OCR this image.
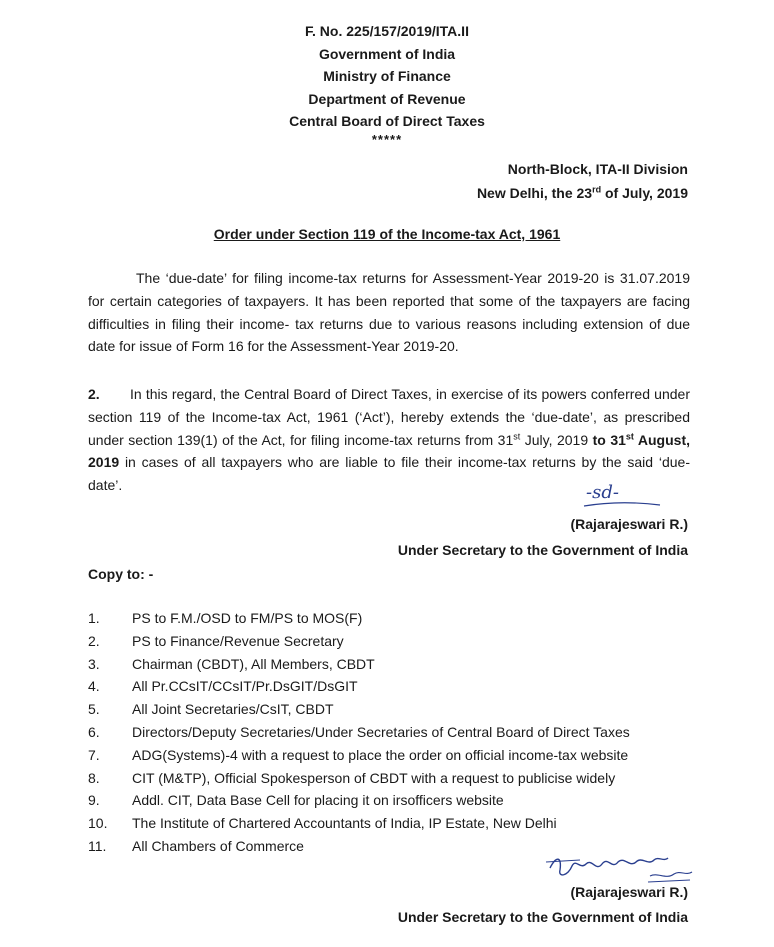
F. No. 225/157/2019/ITA.II
Government of India
Ministry of Finance
Department of Revenue
Central Board of Direct Taxes
*****
North-Block, ITA-II Division
New Delhi, the 23rd of July, 2019
Order under Section 119 of the Income-tax Act, 1961
The ‘due-date’ for filing income-tax returns for Assessment-Year 2019-20 is 31.07.2019 for certain categories of taxpayers. It has been reported that some of the taxpayers are facing difficulties in filing their income- tax returns due to various reasons including extension of due date for issue of Form 16 for the Assessment-Year 2019-20.
2. In this regard, the Central Board of Direct Taxes, in exercise of its powers conferred under section 119 of the Income-tax Act, 1961 (‘Act’), hereby extends the ‘due-date’, as prescribed under section 139(1) of the Act, for filing income-tax returns from 31st July, 2019 to 31st August, 2019 in cases of all taxpayers who are liable to file their income-tax returns by the said ‘due-date’.	-sd-
(Rajarajeswari R.)
Under Secretary to the Government of India
Copy to: -
1. PS to F.M./OSD to FM/PS to MOS(F)
2. PS to Finance/Revenue Secretary
3. Chairman (CBDT), All Members, CBDT
4. All Pr.CCsIT/CCsIT/Pr.DsGIT/DsGIT
5. All Joint Secretaries/CsIT, CBDT
6. Directors/Deputy Secretaries/Under Secretaries of Central Board of Direct Taxes
7. ADG(Systems)-4 with a request to place the order on official income-tax website
8. CIT (M&TP), Official Spokesperson of CBDT with a request to publicise widely
9. Addl. CIT, Data Base Cell for placing it on irsofficers website
10. The Institute of Chartered Accountants of India, IP Estate, New Delhi
11. All Chambers of Commerce
(Rajarajeswari R.)
Under Secretary to the Government of India
